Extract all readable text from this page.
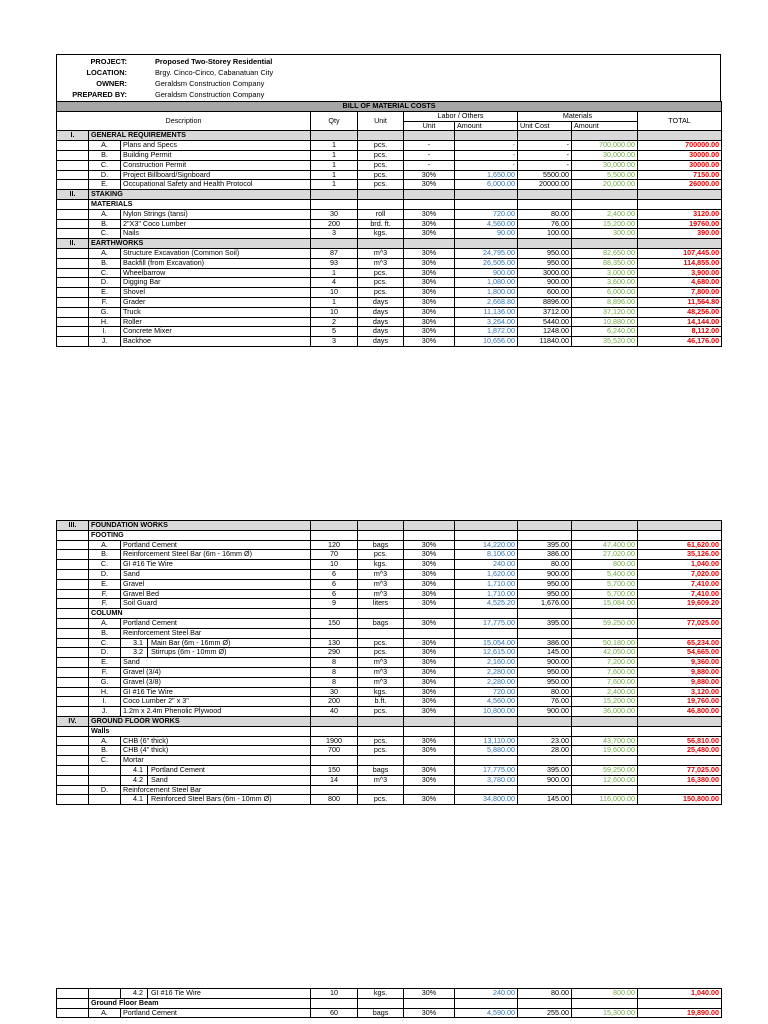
PROJECT:	Proposed Two-Storey Residential
LOCATION:	Brgy. Cinco-Cinco, Cabanatuan City
OWNER:	Geraldsm Construction Company
PREPARED BY:	Geraldsm Construction Company
BILL OF MATERIAL COSTS									
Description			Qty	Unit	Labor / Others		Materials		TOTAL
					Unit	Amount	Unit Cost	Amount	
I.	GENERAL REQUIREMENTS								
	A.	Plans and Specs	1	pcs.	-	-	-	700,000.00	700000.00
	B.	Building Permit	1	pcs.	-	-	-	30,000.00	30000.00
	C.	Construction Permit	1	pcs.	-	-	-	30,000.00	30000.00
	D.	Project Billboard/Signboard	1	pcs.	30%	1,650.00	5500.00	5,500.00	7150.00
	E.	Occupational Safety and Health Protocol	1	pcs.	30%	6,000.00	20000.00	20,000.00	26000.00
II.	STAKING								
	MATERIALS								
	A.	Nylon Strings (tansi)	30	roll	30%	720.00	80.00	2,400.00	3120.00
	B.	2"X3" Coco Lumber	200	brd. ft.	30%	4,560.00	76.00	15,200.00	19760.00
	C.	Nails	3	kgs.	30%	90.00	100.00	300.00	390.00
II.	EARTHWORKS								
	A.	Structure Excavation (Common Soil)	87	m^3	30%	24,795.00	950.00	82,650.00	107,445.00
	B.	Backfill (from Excavation)	93	m^3	30%	26,505.00	950.00	88,350.00	114,855.00
	C.	Wheelbarrow	1	pcs.	30%	900.00	3000.00	3,000.00	3,900.00
	D.	Digging Bar	4	pcs.	30%	1,080.00	900.00	3,600.00	4,680.00
	E.	Shovel	10	pcs.	30%	1,800.00	600.00	6,000.00	7,800.00
	F.	Grader	1	days	30%	2,668.80	8896.00	8,896.00	11,564.80
	G.	Truck	10	days	30%	11,136.00	3712.00	37,120.00	48,256.00
	H.	Roller	2	days	30%	3,264.00	5440.00	10,880.00	14,144.00
	I.	Concrete Mixer	5	days	30%	1,872.00	1248.00	6,240.00	8,112.00
	J.	Backhoe	3	days	30%	10,656.00	11840.00	35,520.00	46,176.00
III.	FOUNDATION WORKS								
	FOOTING								
	A.	Portland Cement	120	bags	30%	14,220.00	395.00	47,400.00	61,620.00
	B.	Reinforcement Steel Bar (6m - 16mm Ø)	70	pcs.	30%	8,106.00	386.00	27,020.00	35,126.00
	C.	GI #16 Tie Wire	10	kgs.	30%	240.00	80.00	800.00	1,040.00
	D.	Sand	6	m^3	30%	1,620.00	900.00	5,400.00	7,020.00
	E.	Gravel	6	m^3	30%	1,710.00	950.00	5,700.00	7,410.00
	F.	Gravel Bed	6	m^3	30%	1,710.00	950.00	5,700.00	7,410.00
	F.	Soil Guard	9	liters	30%	4,525.20	1,676.00	15,084.00	19,609.20
	COLUMN								
	A.	Portland Cement	150	bags	30%	17,775.00	395.00	59,250.00	77,025.00
	B.	Reinforcement Steel Bar							
	C.	3.1 Main Bar (6m - 16mm Ø)	130	pcs.	30%	15,054.00	386.00	50,180.00	65,234.00
	D.	3.2 Stirrups (6m - 10mm Ø)	290	pcs.	30%	12,615.00	145.00	42,050.00	54,665.00
	E.	Sand	8	m^3	30%	2,160.00	900.00	7,200.00	9,360.00
	F.	Gravel (3/4)	8	m^3	30%	2,280.00	950.00	7,600.00	9,880.00
	G.	Gravel (3/8)	8	m^3	30%	2,280.00	950.00	7,600.00	9,880.00
	H.	GI #16 Tie Wire	30	kgs.	30%	720.00	80.00	2,400.00	3,120.00
	I.	Coco Lumber 2" x 3"	200	b.ft.	30%	4,560.00	76.00	15,200.00	19,760.00
	J.	1.2m x 2.4m Phenolic Plywood	40	pcs.	30%	10,800.00	900.00	36,000.00	46,800.00
IV.	GROUND FLOOR WORKS								
	Walls								
	A.	CHB (6" thick)	1900	pcs.	30%	13,110.00	23.00	43,700.00	56,810.00
	B.	CHB (4" thick)	700	pcs.	30%	5,880.00	28.00	19,600.00	25,480.00
	C.	Mortar							
		4.1 Portland Cement	150	bags	30%	17,775.00	395.00	59,250.00	77,025.00
		4.2 Sand	14	m^3	30%	3,780.00	900.00	12,600.00	16,380.00
	D.	Reinforcement Steel Bar							
		4.1 Reinforced Steel Bars (6m - 10mm Ø)	800	pcs.	30%	34,800.00	145.00	116,000.00	150,800.00
		4.2 GI #16 Tie Wire	10	kgs.	30%	240.00	80.00	800.00	1,040.00
	Ground Floor Beam								
	A.	Portland Cement	60	bags	30%	4,590.00	255.00	15,300.00	19,890.00
